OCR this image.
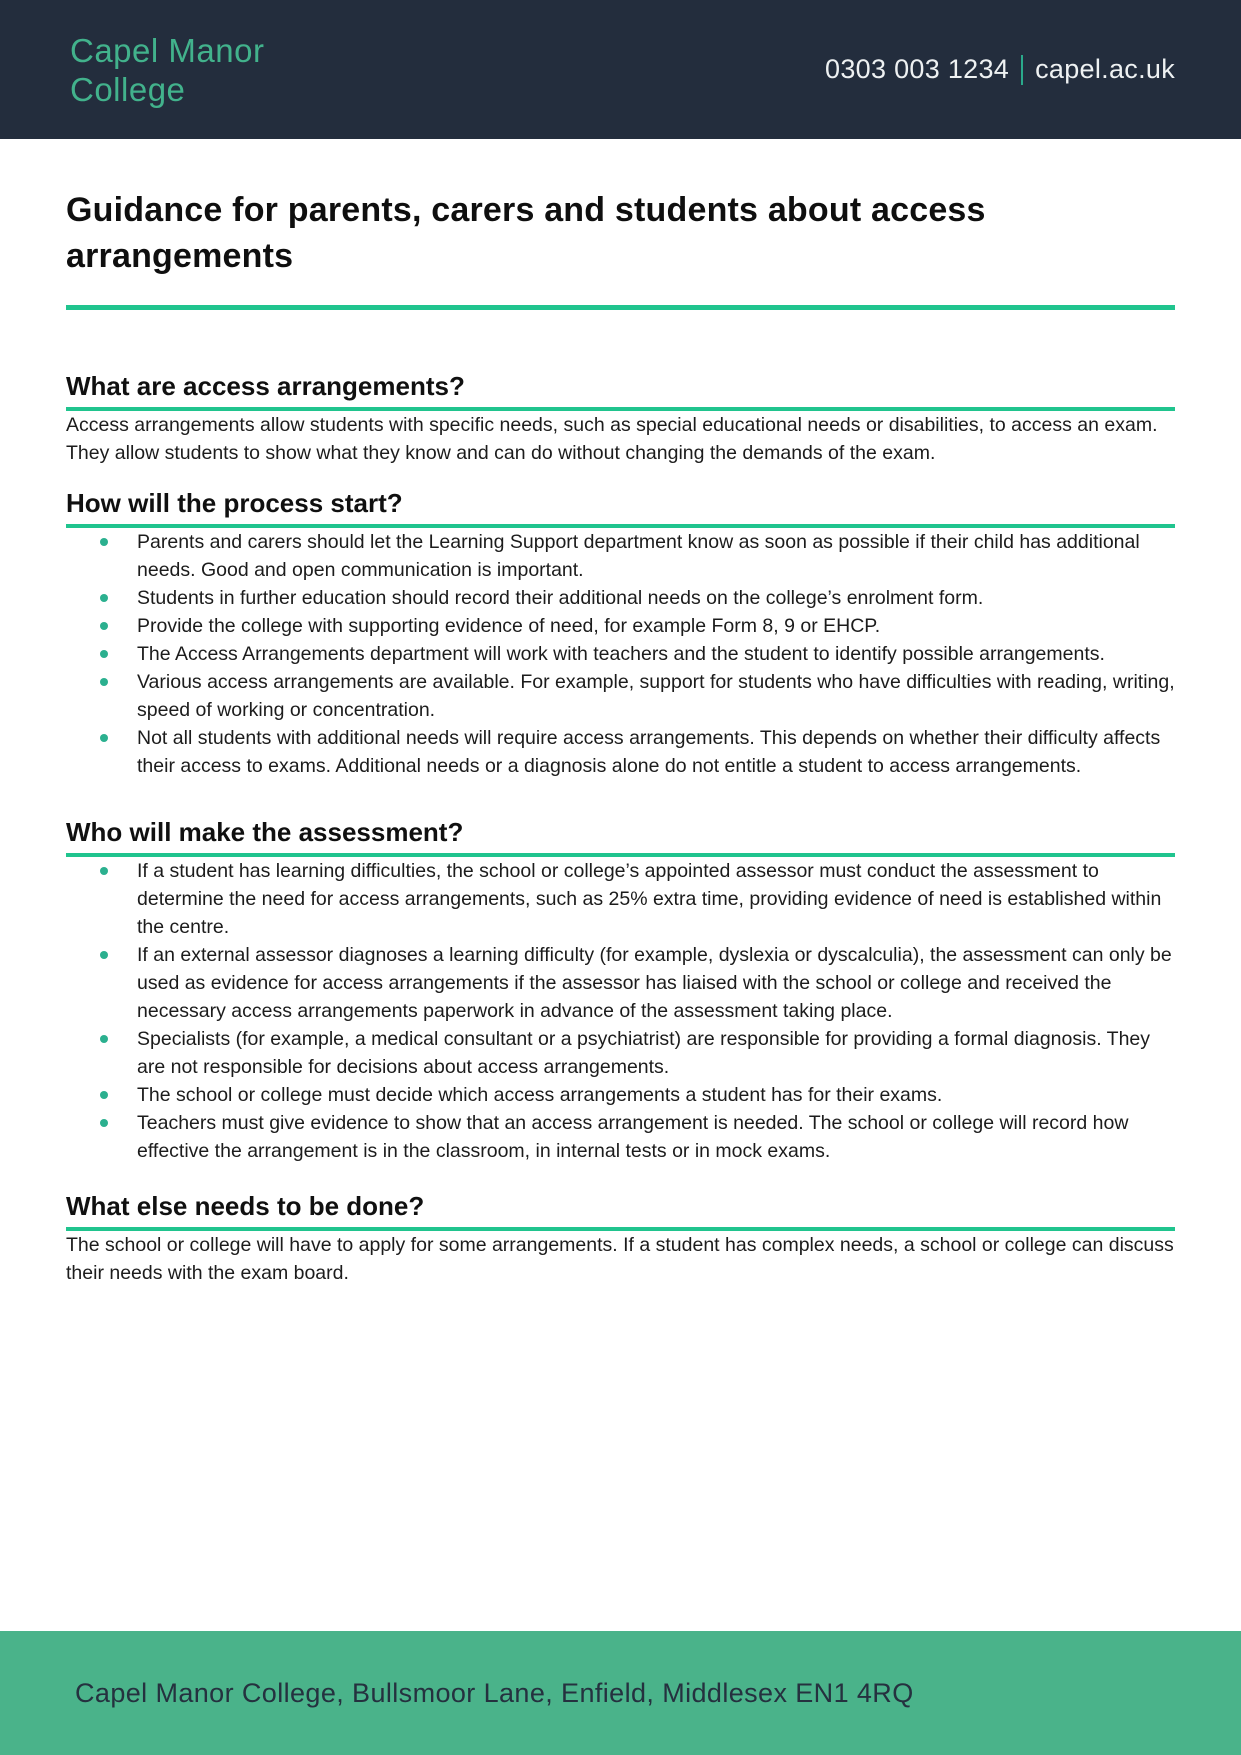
Capel Manor
College
0303 003 1234 capel.ac.uk
Guidance for parents, carers and students about access arrangements
What are access arrangements?

Access arrangements allow students with specific needs, such as special educational needs or disabilities, to access an exam. They allow students to show what they know and can do without changing the demands of the exam.

How will the process start?
Parents and carers should let the Learning Support department know as soon as possible if their child has additional needs. Good and open communication is important.
Students in further education should record their additional needs on the college’s enrolment form.
Provide the college with supporting evidence of need, for example Form 8, 9 or EHCP.
The Access Arrangements department will work with teachers and the student to identify possible arrangements.
Various access arrangements are available. For example, support for students who have difficulties with reading, writing, speed of working or concentration.
Not all students with additional needs will require access arrangements. This depends on whether their difficulty affects their access to exams. Additional needs or a diagnosis alone do not entitle a student to access arrangements.
Who will make the assessment?
If a student has learning difficulties, the school or college’s appointed assessor must conduct the assessment to determine the need for access arrangements, such as 25% extra time, providing evidence of need is established within the centre.
If an external assessor diagnoses a learning difficulty (for example, dyslexia or dyscalculia), the assessment can only be used as evidence for access arrangements if the assessor has liaised with the school or college and received the necessary access arrangements paperwork in advance of the assessment taking place.
Specialists (for example, a medical consultant or a psychiatrist) are responsible for providing a formal diagnosis. They are not responsible for decisions about access arrangements.
The school or college must decide which access arrangements a student has for their exams.
Teachers must give evidence to show that an access arrangement is needed. The school or college will record how effective the arrangement is in the classroom, in internal tests or in mock exams.
What else needs to be done?

The school or college will have to apply for some arrangements. If a student has complex needs, a school or college can discuss their needs with the exam board.

Capel Manor College, Bullsmoor Lane, Enfield, Middlesex EN1 4RQ
